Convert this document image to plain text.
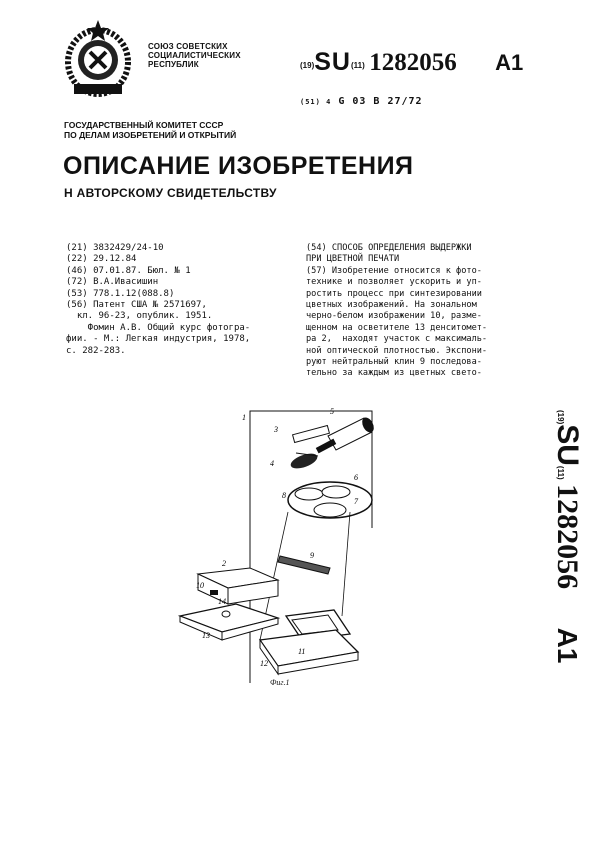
СОЮЗ СОВЕТСКИХ
СОЦИАЛИСТИЧЕСКИХ
РЕСПУБЛИК	(19)SU(11) 1282056 A1
(51) 4 G 03 B 27/72
ГОСУДАРСТВЕННЫЙ КОМИТЕТ СССР
ПО ДЕЛАМ ИЗОБРЕТЕНИЙ И ОТКРЫТИЙ
ОПИСАНИЕ ИЗОБРЕТЕНИЯ
Н АВТОРСКОМУ СВИДЕТЕЛЬСТВУ
(21) 3832429/24-10
(22) 29.12.84
(46) 07.01.87. Бюл. № 1
(72) В.А.Ивасишин
(53) 778.1.12(088.8)
(56) Патент США № 2571697,
кл. 96-23, опублик. 1951.
Фомин А.В. Общий курс фотогра-
фии. - М.: Легкая индустрия, 1978,
с. 282-283.
(54) СПОСОБ ОПРЕДЕЛЕНИЯ ВЫДЕРЖКИ
ПРИ ЦВЕТНОЙ ПЕЧАТИ
(57) Изобретение относится к фото-
технике и позволяет ускорить и уп-
ростить процесс при синтезировании
цветных изображений. На зональном
черно-белом изображении 10, разме-
щенном на осветителе 13 денситомет-
ра 2,  находят участок с максималь-
ной оптической плотностью. Экспони-
руют нейтральный клин 9 последова-
тельно за каждым из цветных свето-
(19)SU(11) 1282056 A1
1
2
3
4
5
6
7
8
9
10
11
12
13
14
Фиг.1
